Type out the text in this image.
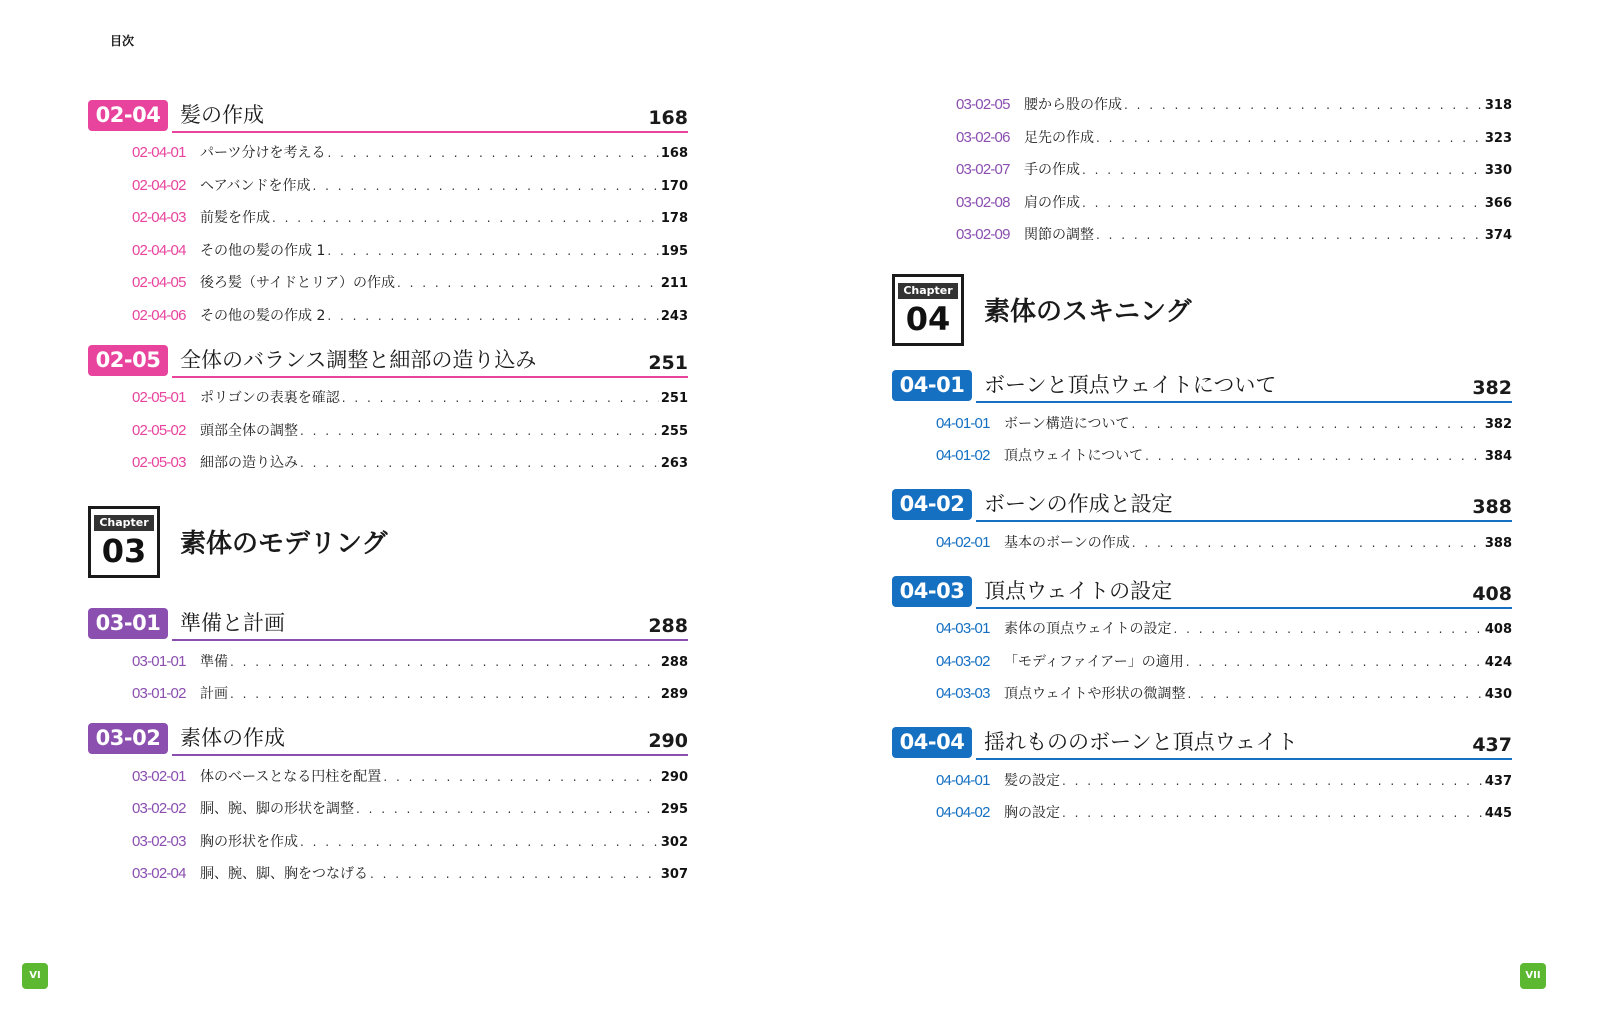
目次
02-04 髪の作成	168
02-04-01	パーツ分けを考える . . .	168
02-04-02	ヘアバンドを作成 . . .	170
02-04-03	前髪を作成 . . .	178
02-04-04	その他の髪の作成 1 . . .	195
02-04-05	後ろ髪（サイドとリア）の作成 . . .	211
02-04-06	その他の髪の作成 2 . . .	243
02-05 全体のバランス調整と細部の造り込み	251
02-05-01	ポリゴンの表裏を確認 . . .	251
02-05-02	頭部全体の調整 . . .	255
02-05-03	細部の造り込み . . .	263
Chapter
03 素体のモデリング
03-01 準備と計画	288
03-01-01	準備 . . .	288
03-01-02	計画 . . .	289
03-02 素体の作成	290
03-02-01	体のベースとなる円柱を配置 . . .	290
03-02-02	胴、腕、脚の形状を調整 . . .	295
03-02-03	胸の形状を作成 . . .	302
03-02-04	胴、腕、脚、胸をつなげる . . .	307
03-02-05	腰から股の作成 . . .	318
03-02-06	足先の作成 . . .	323
03-02-07	手の作成 . . .	330
03-02-08	肩の作成 . . .	366
03-02-09	関節の調整 . . .	374
Chapter
04 素体のスキニング
04-01 ボーンと頂点ウェイトについて	382
04-01-01	ボーン構造について . . .	382
04-01-02	頂点ウェイトについて . . .	384
04-02 ボーンの作成と設定	388
04-02-01	基本のボーンの作成 . . .	388
04-03 頂点ウェイトの設定	408
04-03-01	素体の頂点ウェイトの設定 . . .	408
04-03-02	「モディファイアー」の適用 . . .	424
04-03-03	頂点ウェイトや形状の微調整 . . .	430
04-04 揺れもののボーンと頂点ウェイト	437
04-04-01	髪の設定 . . .	437
04-04-02	胸の設定 . . .	445
VI	VII
